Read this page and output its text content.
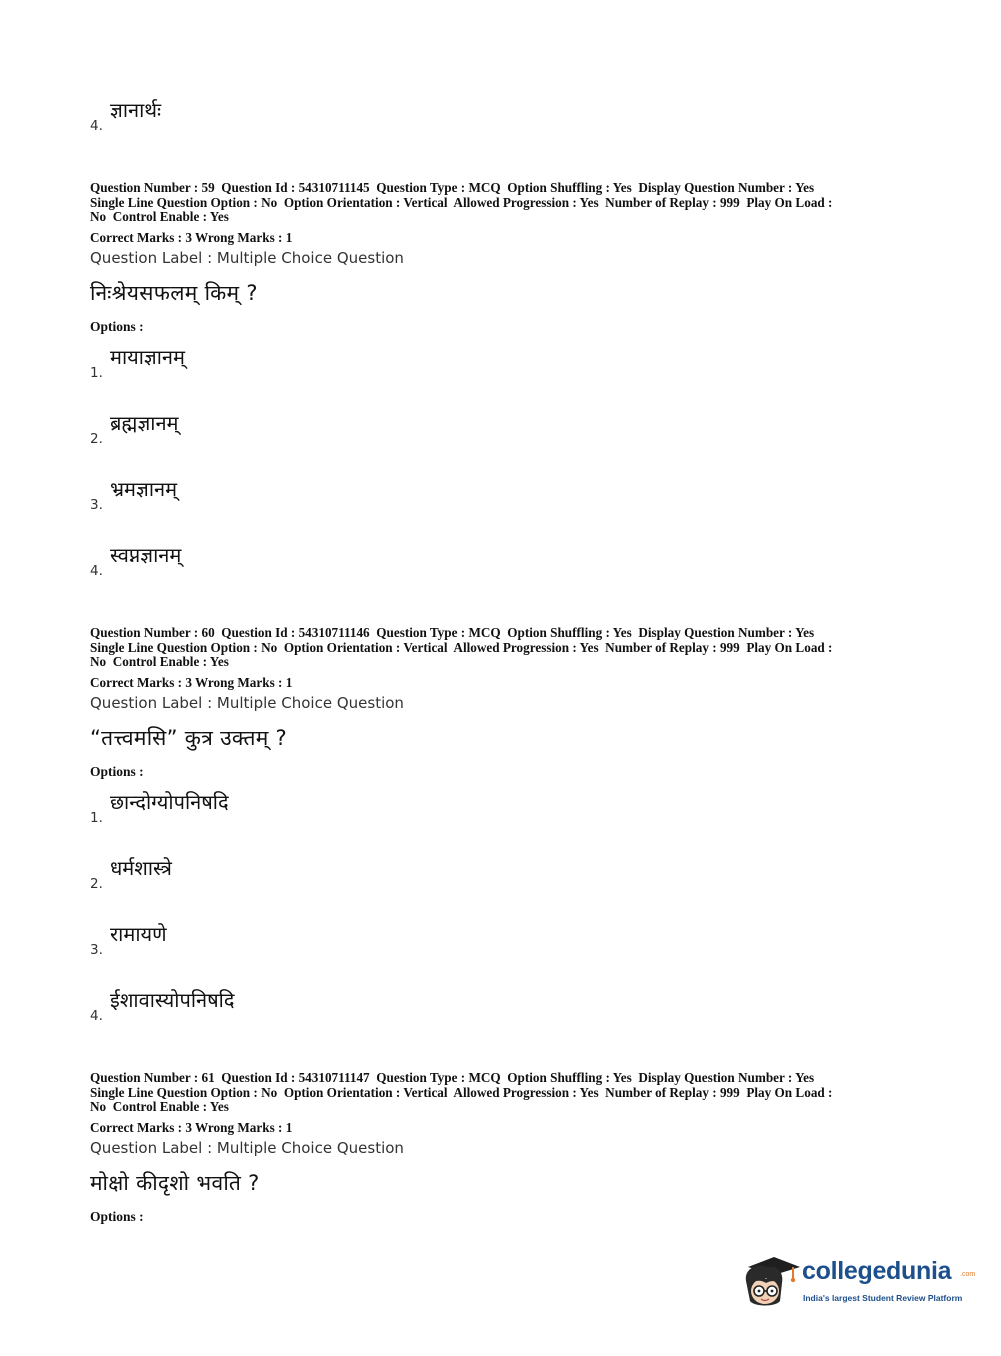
4.
ज्ञानार्थः
Question Number : 59  Question Id : 54310711145  Question Type : MCQ  Option Shuffling : Yes  Display Question Number : Yes
Single Line Question Option : No  Option Orientation : Vertical  Allowed Progression : Yes  Number of Replay : 999  Play On Load :
No  Control Enable : Yes
Correct Marks : 3 Wrong Marks : 1
Question Label : Multiple Choice Question
निःश्रेयसफलम् किम् ?
Options :
1.
मायाज्ञानम्
2.
ब्रह्मज्ञानम्
3.
भ्रमज्ञानम्
4.
स्वप्नज्ञानम्
Question Number : 60  Question Id : 54310711146  Question Type : MCQ  Option Shuffling : Yes  Display Question Number : Yes
Single Line Question Option : No  Option Orientation : Vertical  Allowed Progression : Yes  Number of Replay : 999  Play On Load :
No  Control Enable : Yes
Correct Marks : 3 Wrong Marks : 1
Question Label : Multiple Choice Question
“तत्त्वमसि” कुत्र उक्तम् ?
Options :
1.
छान्दोग्योपनिषदि
2.
धर्मशास्त्रे
3.
रामायणे
4.
ईशावास्योपनिषदि
Question Number : 61  Question Id : 54310711147  Question Type : MCQ  Option Shuffling : Yes  Display Question Number : Yes
Single Line Question Option : No  Option Orientation : Vertical  Allowed Progression : Yes  Number of Replay : 999  Play On Load :
No  Control Enable : Yes
Correct Marks : 3 Wrong Marks : 1
Question Label : Multiple Choice Question
मोक्षो कीदृशो भवति ?
Options :
collegedunia .com
India's largest Student Review Platform
